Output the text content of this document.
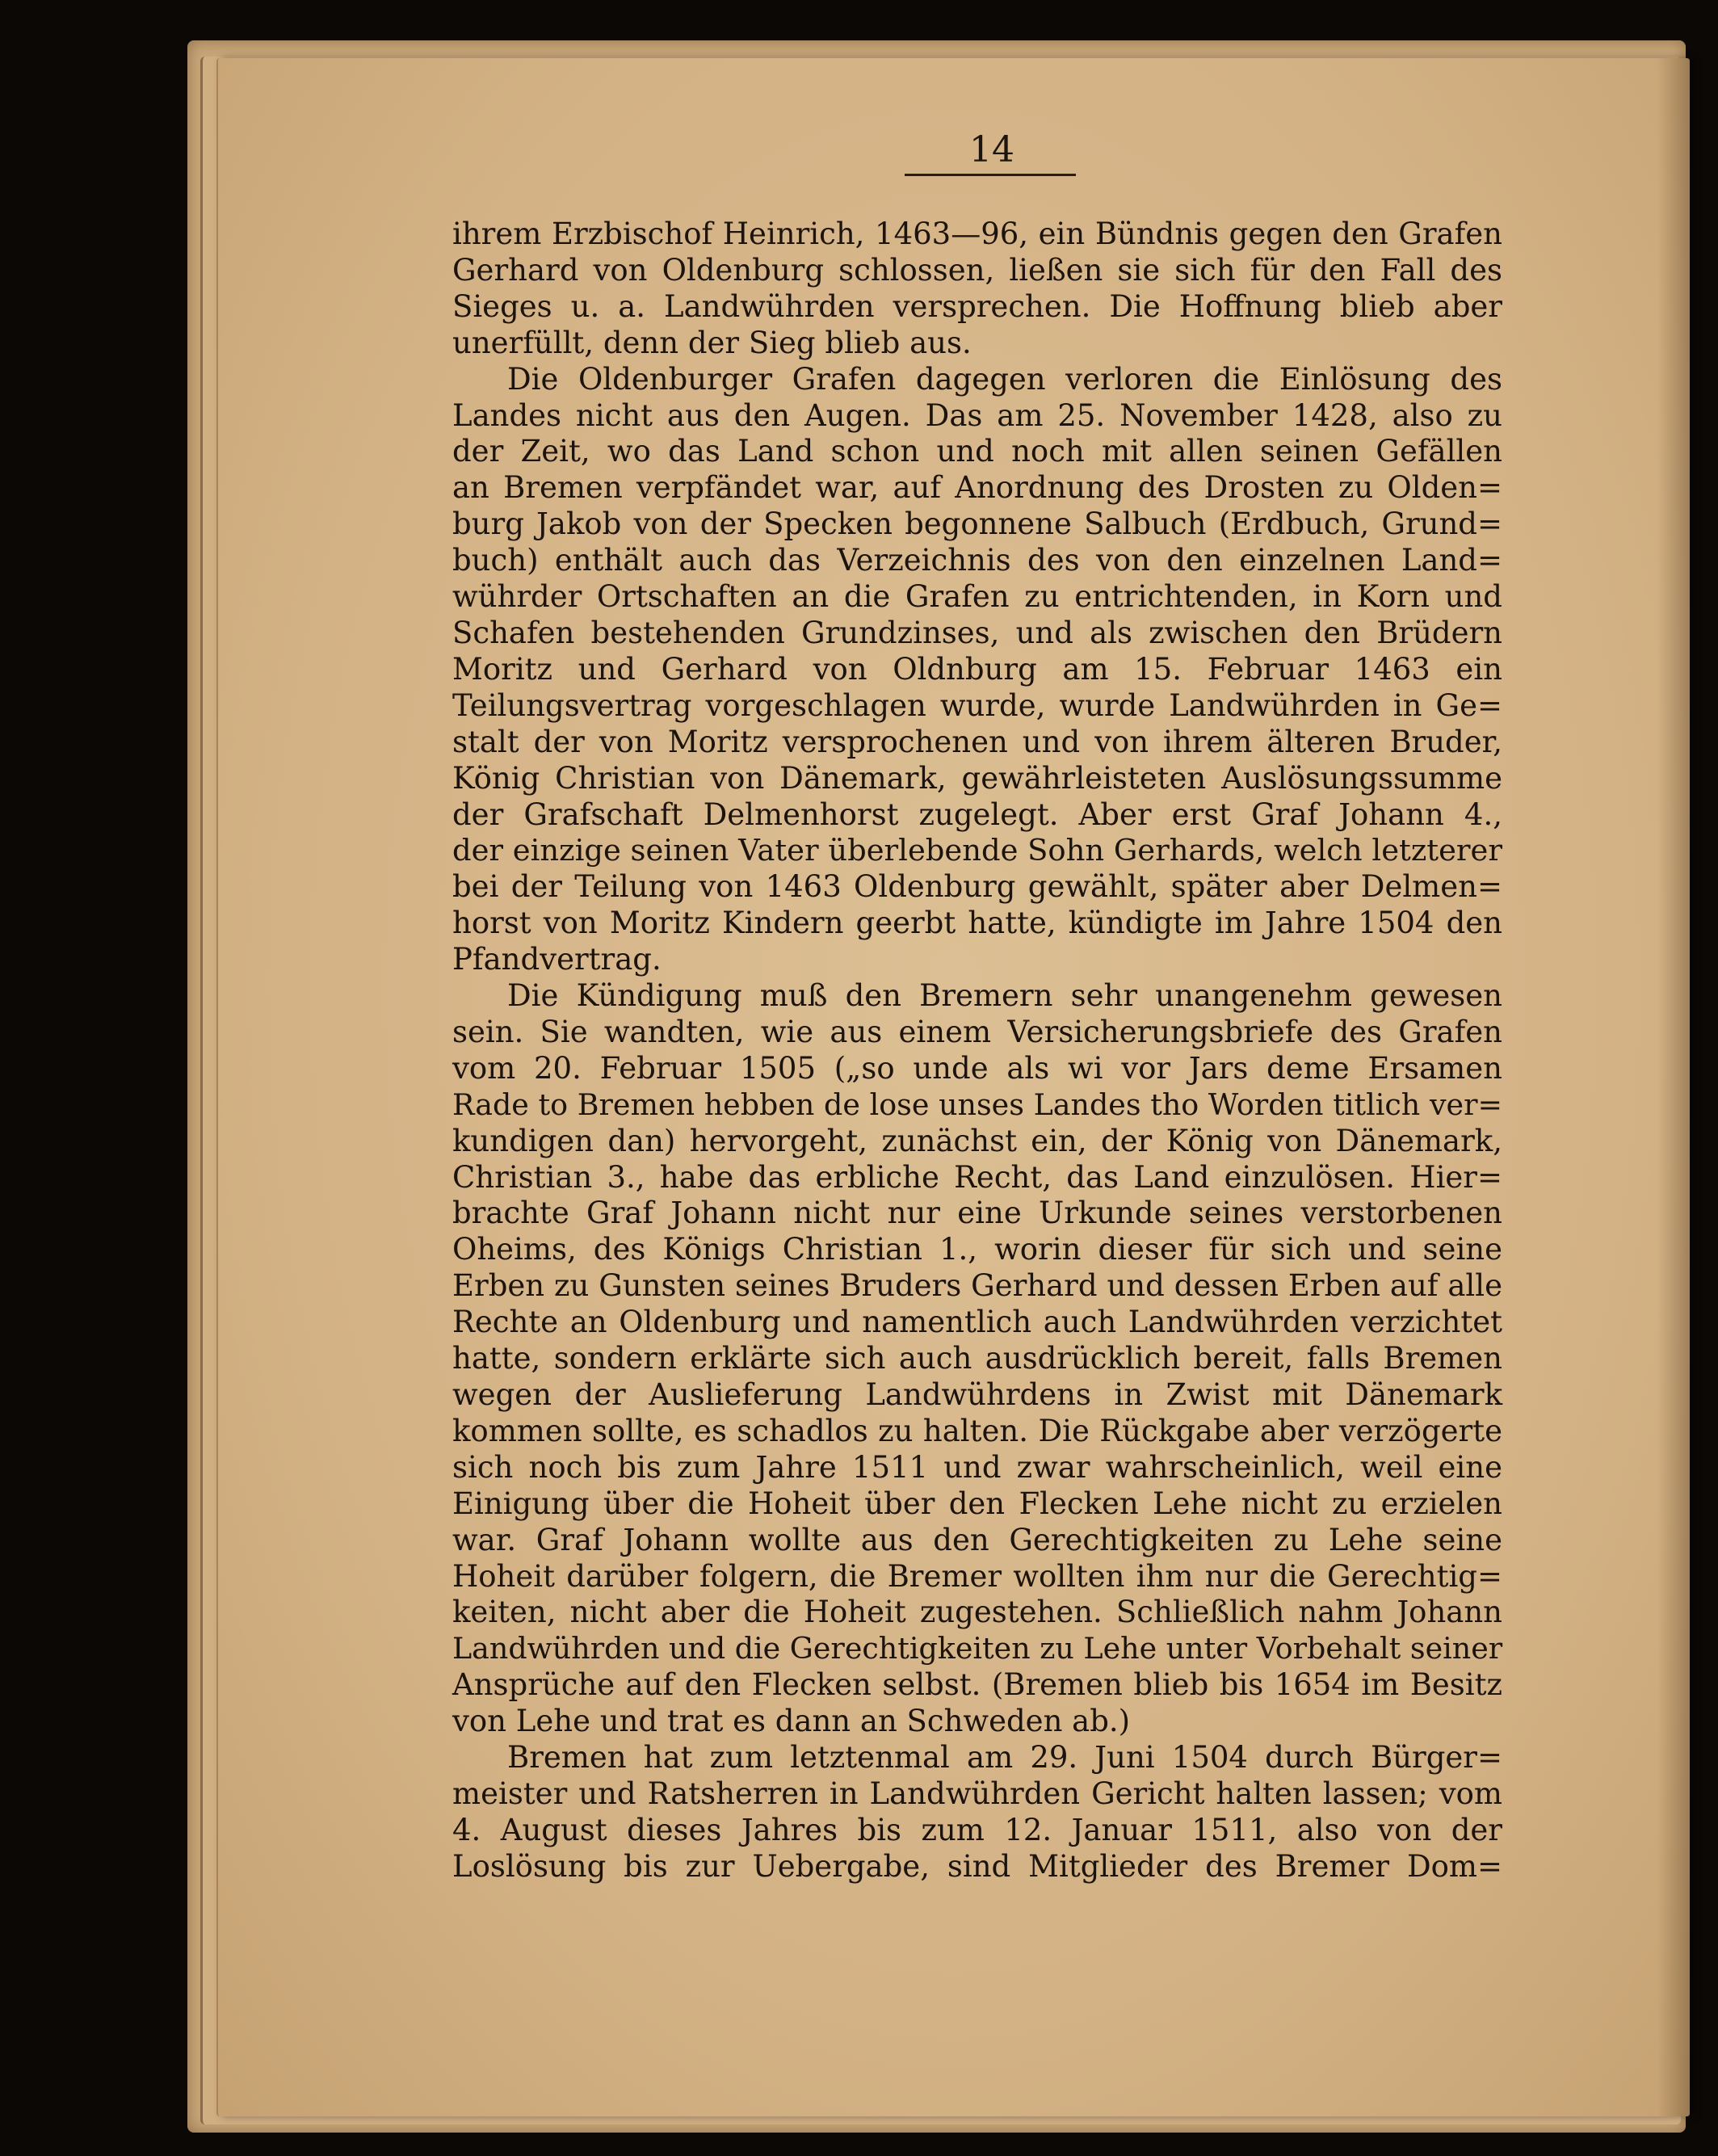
14
ihrem Erzbischof Heinrich, 1463—96, ein Bündnis gegen den Grafen
Gerhard von Oldenburg schlossen, ließen sie sich für den Fall des
Sieges u. a. Landwührden versprechen. Die Hoffnung blieb aber
unerfüllt, denn der Sieg blieb aus.
Die Oldenburger Grafen dagegen verloren die Einlösung des
Landes nicht aus den Augen. Das am 25. November 1428, also zu
der Zeit, wo das Land schon und noch mit allen seinen Gefällen
an Bremen verpfändet war, auf Anordnung des Drosten zu Olden=
burg Jakob von der Specken begonnene Salbuch (Erdbuch, Grund=
buch) enthält auch das Verzeichnis des von den einzelnen Land=
wührder Ortschaften an die Grafen zu entrichtenden, in Korn und
Schafen bestehenden Grundzinses, und als zwischen den Brüdern
Moritz und Gerhard von Oldnburg am 15. Februar 1463 ein
Teilungsvertrag vorgeschlagen wurde, wurde Landwührden in Ge=
stalt der von Moritz versprochenen und von ihrem älteren Bruder,
König Christian von Dänemark, gewährleisteten Auslösungssumme
der Grafschaft Delmenhorst zugelegt. Aber erst Graf Johann 4.,
der einzige seinen Vater überlebende Sohn Gerhards, welch letzterer
bei der Teilung von 1463 Oldenburg gewählt, später aber Delmen=
horst von Moritz Kindern geerbt hatte, kündigte im Jahre 1504 den
Pfandvertrag.
Die Kündigung muß den Bremern sehr unangenehm gewesen
sein. Sie wandten, wie aus einem Versicherungsbriefe des Grafen
vom 20. Februar 1505 („so unde als wi vor Jars deme Ersamen
Rade to Bremen hebben de lose unses Landes tho Worden titlich ver=
kundigen dan) hervorgeht, zunächst ein, der König von Dänemark,
Christian 3., habe das erbliche Recht, das Land einzulösen. Hier=
brachte Graf Johann nicht nur eine Urkunde seines verstorbenen
Oheims, des Königs Christian 1., worin dieser für sich und seine
Erben zu Gunsten seines Bruders Gerhard und dessen Erben auf alle
Rechte an Oldenburg und namentlich auch Landwührden verzichtet
hatte, sondern erklärte sich auch ausdrücklich bereit, falls Bremen
wegen der Auslieferung Landwührdens in Zwist mit Dänemark
kommen sollte, es schadlos zu halten. Die Rückgabe aber verzögerte
sich noch bis zum Jahre 1511 und zwar wahrscheinlich, weil eine
Einigung über die Hoheit über den Flecken Lehe nicht zu erzielen
war. Graf Johann wollte aus den Gerechtigkeiten zu Lehe seine
Hoheit darüber folgern, die Bremer wollten ihm nur die Gerechtig=
keiten, nicht aber die Hoheit zugestehen. Schließlich nahm Johann
Landwührden und die Gerechtigkeiten zu Lehe unter Vorbehalt seiner
Ansprüche auf den Flecken selbst. (Bremen blieb bis 1654 im Besitz
von Lehe und trat es dann an Schweden ab.)
Bremen hat zum letztenmal am 29. Juni 1504 durch Bürger=
meister und Ratsherren in Landwührden Gericht halten lassen; vom
4. August dieses Jahres bis zum 12. Januar 1511, also von der
Loslösung bis zur Uebergabe, sind Mitglieder des Bremer Dom=
